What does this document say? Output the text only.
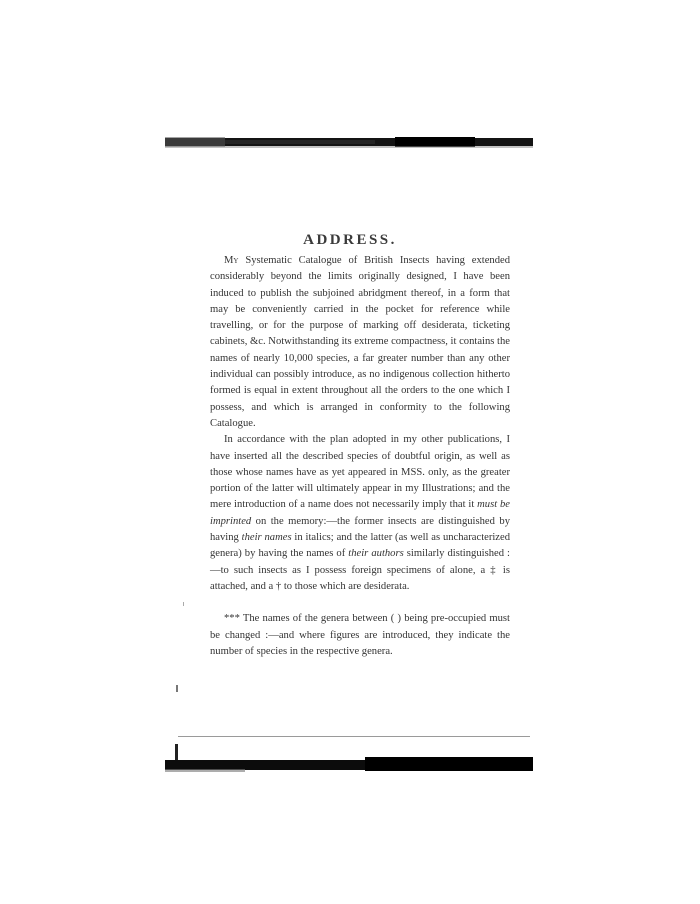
ADDRESS.

My Systematic Catalogue of British Insects having extended considerably beyond the limits originally designed, I have been induced to publish the subjoined abridgment thereof, in a form that may be conveniently carried in the pocket for reference while travelling, or for the purpose of marking off desiderata, ticketing cabinets, &c. Notwithstanding its extreme compactness, it contains the names of nearly 10,000 species, a far greater number than any other individual can possibly introduce, as no indigenous collection hitherto formed is equal in extent throughout all the orders to the one which I possess, and which is arranged in conformity to the following Catalogue.

In accordance with the plan adopted in my other publications, I have inserted all the described species of doubtful origin, as well as those whose names have as yet appeared in MSS. only, as the greater portion of the latter will ultimately appear in my Illustrations; and the mere introduction of a name does not necessarily imply that it must be imprinted on the memory:—the former insects are distinguished by having their names in italics; and the latter (as well as uncharacterized genera) by having the names of their authors similarly distinguished :—to such insects as I possess foreign specimens of alone, a ‡ is attached, and a † to those which are desiderata.

*** The names of the genera between ( ) being pre-occupied must be changed :—and where figures are introduced, they indicate the number of species in the respective genera.
